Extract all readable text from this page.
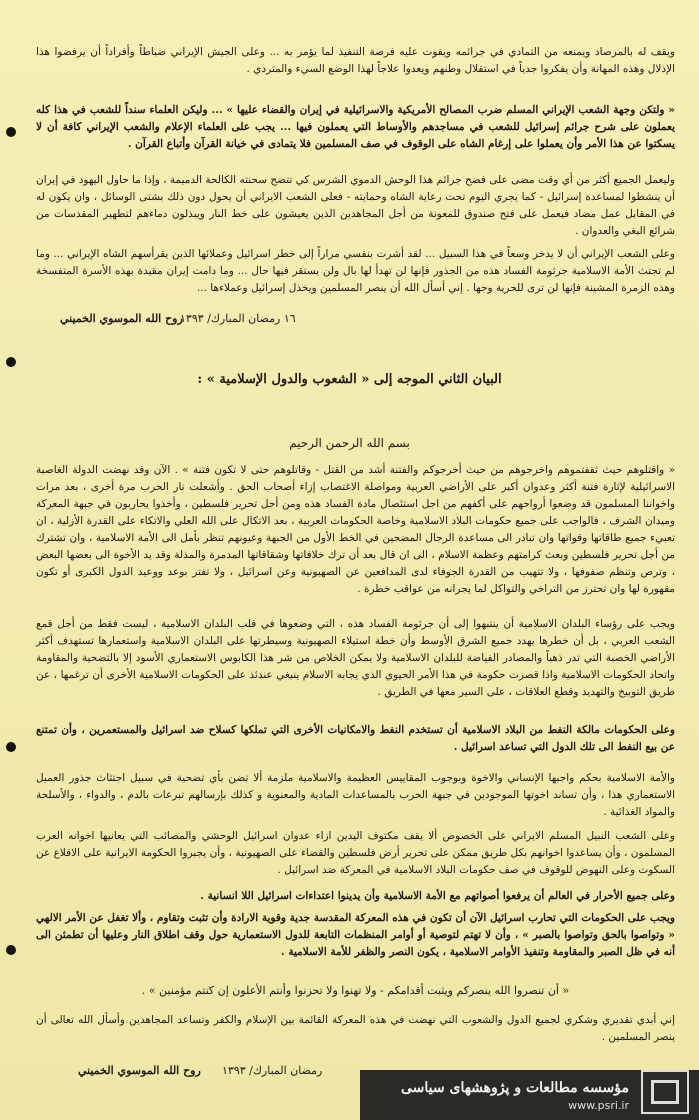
ويقف له بالمرصاد ويمنعه من التمادي في جرائمه ويفوت عليه فرصة التنفيذ لما يؤمر به ... وعلى الجيش الإيراني ضباطاً وأفراداً أن يرفضوا هذا الإذلال وهذه المهانة وأن يفكروا جدياً في استقلال وطنهم ويعدوا علاجاً لهذا الوضع السيء والمتردي .
« ولتكن وجهة الشعب الإيراني المسلم ضرب المصالح الأمريكية والاسرائيلية في إيران والقضاء عليها » ... وليكن العلماء سنداً للشعب في هذا كله يعملون على شرح جرائم إسرائيل للشعب في مساجدهم والأوساط التي يعملون فيها ... يجب على العلماء الإعلام والشعب الإيراني كافة أن لا يسكتوا عن هذا الأمر وأن يعملوا على إرغام الشاه على الوقوف في صف المسلمين فلا يتمادى في خيانة القرآن وأتباع القرآن .
وليعمل الجميع أكثر من أي وقت مضى على فضح جرائم هذا الوحش الدموي الشرس كي تتضح سحنته الكالحة الدميمة ، وإذا ما حاول اليهود في إيران أن ينشطوا لمساعدة إسرائيل - كما يجري اليوم تحت رعاية الشاه وحمايته - فعلى الشعب الايراني أن يحول دون ذلك بشتى الوسائل ، وان يكون له في المقابل عمل مضاد فيعمل على فتح صندوق للمعونة من أجل المجاهدين الذين يعيشون على خط النار ويبذلون دماءهم لتطهير المقدسات من شرائع البغي والعدوان .
وعلى الشعب الإيراني أن لا يدخر وسعاً في هذا السبيل ... لقد أشرت بنفسي مراراً إلى خطر اسرائيل وعملائها الذين يقرأسهم الشاه الإيراني ... وما لم تجتث الأمة الاسلامية جرثومة الفساد هذه من الجذور فإنها لن تهدأ لها بال ولن يستقر فيها حال ... وما دامت إيران مقيدة بهذه الأسرة المتفسخة وهذه الزمرة المشينة فإنها لن ترى للحرية وجها . إني أسأل الله أن ينصر المسلمين ويخذل إسرائيل وعملاءها ...
١٦ رمضان المبارك/ ١٣٩٣
روح الله الموسوي الخميني
البيان الثاني الموجه إلى « الشعوب والدول الإسلامية » :
بسم الله الرحمن الرحيم
« واقتلوهم حيث ثقفتموهم واخرجوهم من حيث أخرجوكم والفتنة أشد من القتل - وقاتلوهم حتى لا تكون فتنة » . الآن وقد نهضت الدولة الغاصبة الاسرائيلية لإثارة فتنة أكثر وعدوان أكبر على الأراضي العربية ومواصلة الاغتصاب إزاء أصحاب الحق . وأشعلت نار الحرب مرة أخرى ، بعد مرات واخواننا المسلمون قد وضعوا أرواحهم على أكفهم من اجل استئصال مادة الفساد هذه ومن أجل تحرير فلسطين ، وأخذوا يحاربون في جبهة المعركة وميدان الشرف ، فالواجب على جميع حكومات البلاد الاسلامية وخاصة الحكومات العربية ، بعد الاتكال على الله العلي والاتكاء على القدرة الأزلية ، ان تعبيء جميع طاقاتها وقواتها وان تبادر الى مساعدة الرجال المضحين في الخط الأول من الجبهة وعيونهم تنظر بأمل الى الأمة الاسلامية ، وان تشترك من أجل تحرير فلسطين وبعث كرامتهم وعظمة الاسلام ، الى ان قال بعد أن ترك خلافاتها وشقاقاتها المدمرة والمذلة وقد يد الأخوة الى بعضها البعض ، وترص وتنظم صفوفها ، ولا تتهيب من القدرة الجوفاء لدى المدافعين عن الصهيونية وعن اسرائيل ، ولا تفتر بوعد ووعيد الدول الكبرى أو تكون مقهورة لها وان تحترز من التراخي والتواكل لما يجرانه من عواقب خطرة .
ويجب على رؤساء البلدان الاسلامية أن ينتبهوا إلى أن جرثومة الفساد هذه ، التي وضعوها في قلب البلدان الاسلامية ، ليست فقط من أجل قمع الشعب العربي ، بل أن خطرها يهدد جميع الشرق الأوسط وأن خطة استيلاء الصهيونية وسيطرتها على البلدان الاسلامية واستعمارها تستهدف أكثر الأراضي الخصبة التي تدر ذهباً والمصادر الفياضة للبلدان الاسلامية ولا يمكن الخلاص من شر هذا الكابوس الاستعماري الأسود إلا بالتضحية والمقاومة واتحاد الحكومات الاسلامية واذا قصرت حكومة في هذا الأمر الحيوي الذي يجابه الاسلام ينبغي عندئذ على الحكومات الاسلامية الأخرى أن ترغمها ، عن طريق التوبيخ والتهديد وقطع العلاقات ، على السير معها في الطريق .
وعلى الحكومات مالكة النفط من البلاد الاسلامية أن تستخدم النفط والامكانيات الأخرى التي تملكها كسلاح ضد اسرائيل والمستعمرين ، وأن تمتنع عن بيع النفط الى تلك الدول التي تساعد اسرائيل .
والأمة الاسلامية بحكم واجبها الإنساني والاخوة وبوجوب المقاييس العظيمة والاسلامية ملزمة ألا تضن بأي تضحية في سبيل اجتثاث جذور العميل الاستعماري هذا ، وأن تساند اخوتها الموجودين في جبهة الحرب بالمساعدات المادية والمعنوية و كذلك بإرسالهم تبرعات بالدم ، والدواء ، والأسلحة والمواد الغذائية .
وعلى الشعب النبيل المسلم الايراني على الخصوص ألا يقف مكتوف اليدين ازاء عدوان اسرائيل الوحشي والمصائب التي يعانيها اخوانه العرب المسلمون ، وأن يساعدوا اخوانهم بكل طريق ممكن على تحرير أرض فلسطين والقضاء على الصهيونية ، وأن يجبروا الحكومة الايرانية على الاقلاع عن السكوت وعلى النهوض للوقوف في صف حكومات البلاد الاسلامية في المعركة ضد اسرائيل .
وعلى جميع الأحرار في العالم أن يرفعوا أصواتهم مع الأمة الاسلامية وأن يدينوا اعتداءات اسرائيل اللا انسانية .
ويجب على الحكومات التي تحارب اسرائيل الآن أن تكون في هذه المعركة المقدسة جدية وقوية الارادة وأن تثبت وتقاوم ، وألا تغفل عن الأمر الالهي « وتواصوا بالحق وتواصوا بالصبر » ، وأن لا تهتم لتوصية أو أوامر المنظمات التابعة للدول الاستعمارية حول وقف اطلاق النار وعليها أن تطمئن الى أنه في ظل الصبر والمقاومة وتنفيذ الأوامر الاسلامية ، يكون النصر والظفر للأمة الاسلامية .
« أن تنصروا الله ينصركم ويثبت أقدامكم - ولا تهنوا ولا تحزنوا وأنتم الأعلون إن كنتم مؤمنين » .
إني أبدي تقديري وشكري لجميع الدول والشعوب التي نهضت في هذه المعركة القائمة بين الإسلام والكفر وتساعد المجاهدين وأسأل الله تعالى أن ينصر المسلمين .
رمضان المبارك/ ١٣٩٣
روح الله الموسوي الخميني
مؤسسه مطالعات و پژوهشهای سیاسی
www.psri.ir
